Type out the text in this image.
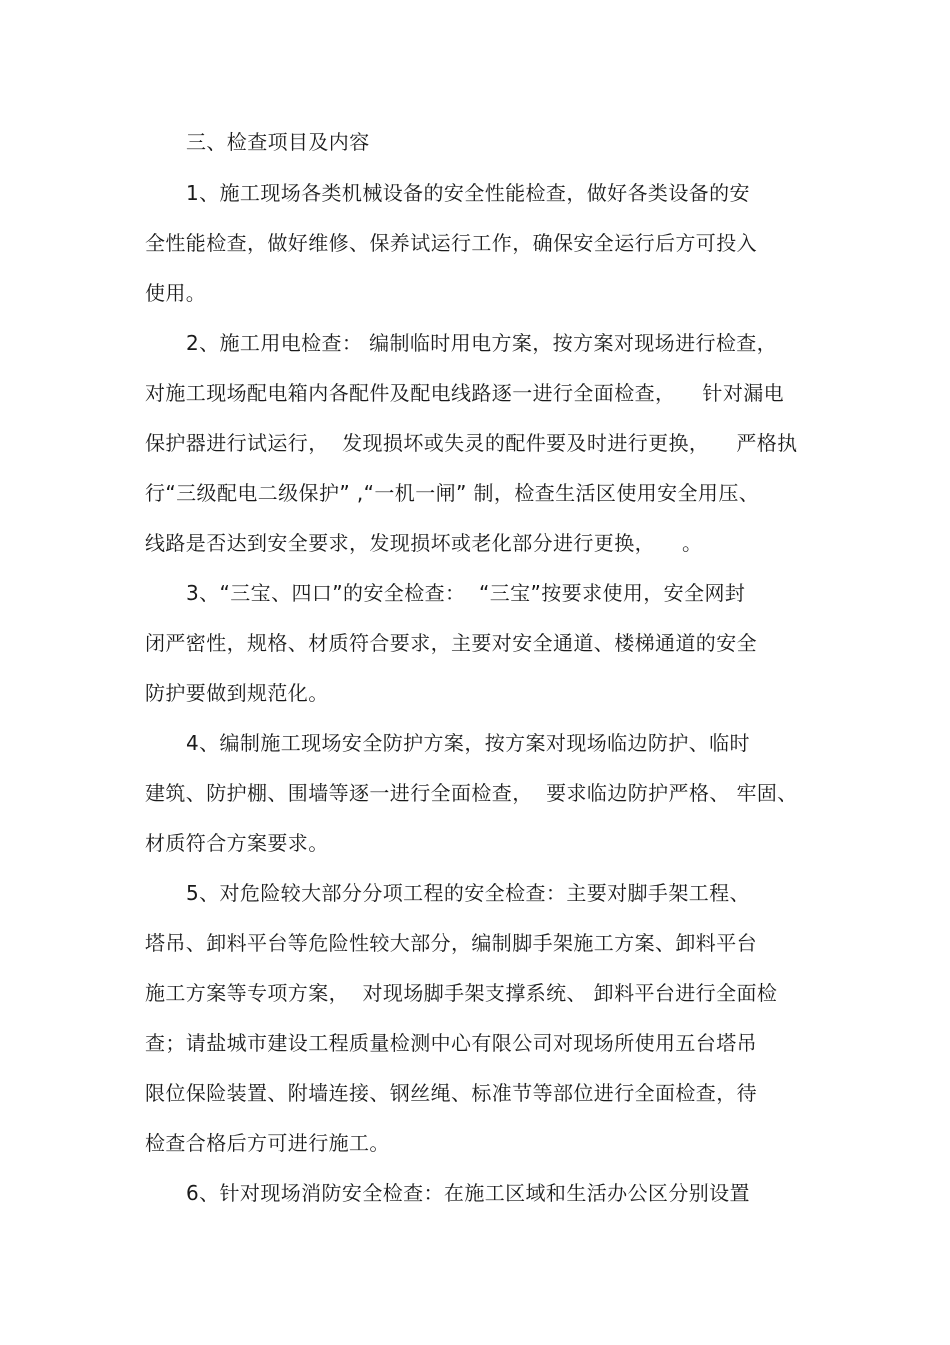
三、检查项目及内容
1、施工现场各类机械设备的安全性能检查，做好各类设备的安
全性能检查，做好维修、保养试运行工作，确保安全运行后方可投入
使用。
2、施工用电检查： 编制临时用电方案，按方案对现场进行检查，
对施工现场配电箱内各配件及配电线路逐一进行全面检查，    针对漏电
保护器进行试运行，  发现损坏或失灵的配件要及时进行更换，    严格执
行“三级配电二级保护” ,“一机一闸” 制，检查生活区使用安全用压、
线路是否达到安全要求，发现损坏或老化部分进行更换，    。
3、“三宝、四口”的安全检查：  “三宝”按要求使用，安全网封
闭严密性，规格、材质符合要求，主要对安全通道、楼梯通道的安全
防护要做到规范化。
4、编制施工现场安全防护方案，按方案对现场临边防护、临时
建筑、防护棚、围墙等逐一进行全面检查，  要求临边防护严格、 牢固、
材质符合方案要求。
5、对危险较大部分分项工程的安全检查：主要对脚手架工程、
塔吊、卸料平台等危险性较大部分，编制脚手架施工方案、卸料平台
施工方案等专项方案，  对现场脚手架支撑系统、 卸料平台进行全面检
查；请盐城市建设工程质量检测中心有限公司对现场所使用五台塔吊
限位保险装置、附墙连接、钢丝绳、标准节等部位进行全面检查，待
检查合格后方可进行施工。
6、针对现场消防安全检查：在施工区域和生活办公区分别设置
